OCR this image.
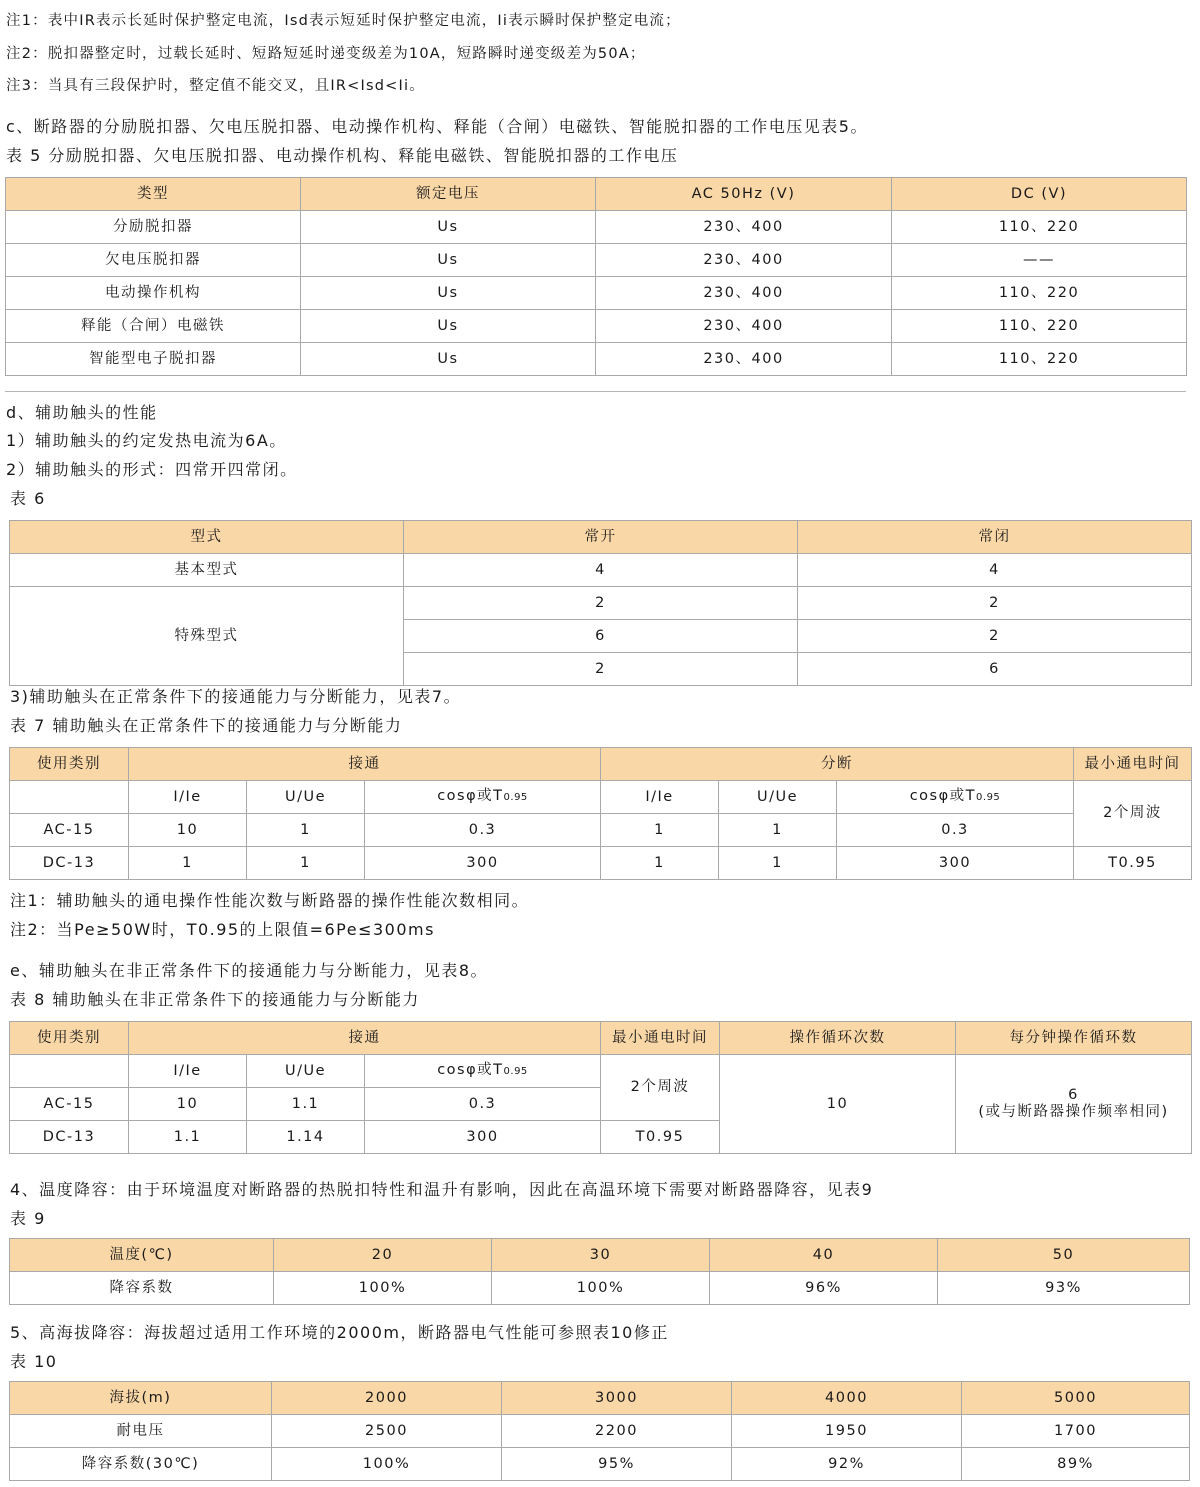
注1：表中IR表示长延时保护整定电流，Isd表示短延时保护整定电流，Ii表示瞬时保护整定电流；
注2：脱扣器整定时，过载长延时、短路短延时递变级差为10A，短路瞬时递变级差为50A；
注3：当具有三段保护时，整定值不能交叉，且IR<Isd<Ii。
c、断路器的分励脱扣器、欠电压脱扣器、电动操作机构、释能（合闸）电磁铁、智能脱扣器的工作电压见表5。
表 5 分励脱扣器、欠电压脱扣器、电动操作机构、释能电磁铁、智能脱扣器的工作电压
类型	额定电压	AC 50Hz (V)	DC (V)
分励脱扣器	Us	230、400	110、220
欠电压脱扣器	Us	230、400	——
电动操作机构	Us	230、400	110、220
释能（合闸）电磁铁	Us	230、400	110、220
智能型电子脱扣器	Us	230、400	110、220
d、辅助触头的性能
1）辅助触头的约定发热电流为6A。
2）辅助触头的形式：四常开四常闭。
表 6
型式	常开	常闭
基本型式	4	4
特殊型式	2	2
	6	2
	2	6
3)辅助触头在正常条件下的接通能力与分断能力，见表7。
表 7 辅助触头在正常条件下的接通能力与分断能力
使用类别	接通			分断			最小通电时间
	I/Ie	U/Ue	cosφ或T0.95	I/Ie	U/Ue	cosφ或T0.95	2个周波
AC-15	10	1	0.3	1	1	0.3	
DC-13	1	1	300	1	1	300	T0.95
注1：辅助触头的通电操作性能次数与断路器的操作性能次数相同。
注2：当Pe≥50W时，T0.95的上限值=6Pe≤300ms
e、辅助触头在非正常条件下的接通能力与分断能力，见表8。
表 8 辅助触头在非正常条件下的接通能力与分断能力
使用类别	接通			最小通电时间	操作循环次数	每分钟操作循环数
	I/Ie	U/Ue	cosφ或T0.95	2个周波	10	6
(或与断路器操作频率相同)

AC-15	10	1.1	0.3			
DC-13	1.1	1.14	300	T0.95		
4、温度降容：由于环境温度对断路器的热脱扣特性和温升有影响，因此在高温环境下需要对断路器降容，见表9
表 9
温度(℃)	20	30	40	50
降容系数	100%	100%	96%	93%
5、高海拔降容：海拔超过适用工作环境的2000m，断路器电气性能可参照表10修正
表 10
海拔(m)	2000	3000	4000	5000
耐电压	2500	2200	1950	1700
降容系数(30℃)	100%	95%	92%	89%
